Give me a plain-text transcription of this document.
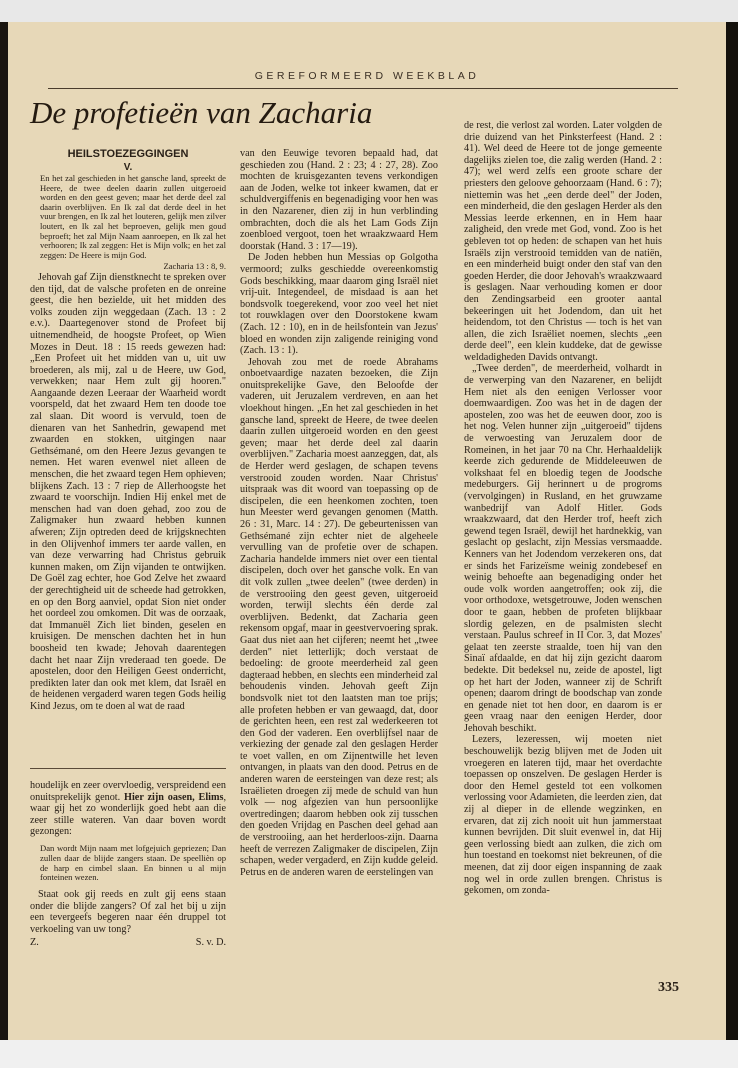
GEREFORMEERD WEEKBLAD
De profetieën van Zacharia
HEILSTOEZEGGINGEN
V.

En het zal geschieden in het gansche land, spreekt de Heere, de twee deelen daarin zullen uitgeroeid worden en den geest geven; maar het derde deel zal daarin overblijven. En Ik zal dat derde deel in het vuur brengen, en Ik zal het louteren, gelijk men zilver loutert, en Ik zal het beproeven, gelijk men goud beproeft; het zal Mijn Naam aanroepen, en Ik zal het verhooren; Ik zal zeggen: Het is Mijn volk; en het zal zeggen: De Heere is mijn God.

Zacharia 13 : 8, 9.

Jehovah gaf Zijn dienstknecht te spreken over den tijd, dat de valsche profeten en de onreine geest, die hen bezielde, uit het midden des volks zouden zijn weggedaan (Zach. 13 : 2 e.v.). Daartegenover stond de Profeet bij uitnemendheid, de hoogste Profeet, op Wien Mozes in Deut. 18 : 15 reeds gewezen had: „Een Profeet uit het midden van u, uit uw broederen, als mij, zal u de Heere, uw God, verwekken; naar Hem zult gij hooren." Aangaande dezen Leeraar der Waarheid wordt voorspeld, dat het zwaard Hem ten doode toe zal slaan. Dit woord is vervuld, toen de dienaren van het Sanhedrin, gewapend met zwaarden en stokken, uitgingen naar Gethsémané, om den Heere Jezus gevangen te nemen. Het waren evenwel niet alleen de menschen, die het zwaard tegen Hem ophieven; blijkens Zach. 13 : 7 riep de Allerhoogste het zwaard te voorschijn. Indien Hij enkel met de menschen had van doen gehad, zoo zou de Zaligmaker hun zwaard hebben kunnen afweren; Zijn optreden deed de krijgsknechten in den Olijvenhof immers ter aarde vallen, en van deze verwarring had Christus gebruik kunnen maken, om Zijn vijanden te ontwijken. De Goël zag echter, hoe God Zelve het zwaard der gerechtigheid uit de scheede had getrokken, en op den Borg aanviel, opdat Sion niet onder het oordeel zou omkomen. Dit was de oorzaak, dat Immanuël Zich liet binden, geselen en kruisigen. De menschen dachten het in hun boosheid ten kwade; Jehovah daarentegen dacht het naar Zijn vrederaad ten goede. De apostelen, door den Heiligen Geest onderricht, predikten later dan ook met klem, dat Israël en de heidenen vergaderd waren tegen Gods heilig Kind Jezus, om te doen al wat de raad

houdelijk en zeer overvloedig, verspreidend een onuitsprekelijk genot. Hier zijn oasen, Elims, waar gij het zo wonderlijk goed hebt aan die zeer stille wateren. Van daar boven wordt gezongen:

Dan wordt Mijn naam met lofgejuich gepriezen; Dan zullen daar de blijde zangers staan. De speellièn op de harp en cimbel slaan. En binnen u al mijn fonteinen wezen.

Staat ook gij reeds en zult gij eens staan onder die blijde zangers? Of zal het bij u zijn een tevergeefs begeren naar één druppel tot verkoeling van uw tong?

Z.	S. v. D.

van den Eeuwige tevoren bepaald had, dat geschieden zou (Hand. 2 : 23; 4 : 27, 28). Zoo mochten de kruisgezanten tevens verkondigen aan de Joden, welke tot inkeer kwamen, dat er schuldvergiffenis en begenadiging voor hen was in den Nazarener, dien zij in hun verblinding ombrachten, doch die als het Lam Gods Zijn zoenbloed vergoot, toen het wraakzwaard Hem doorstak (Hand. 3 : 17—19).

De Joden hebben hun Messias op Golgotha vermoord; zulks geschiedde overeenkomstig Gods beschikking, maar daarom ging Israël niet vrij-uit. Integendeel, de misdaad is aan het bondsvolk toegerekend, voor zoo veel het niet tot rouwklagen over den Doorstokene kwam (Zach. 12 : 10), en in de heilsfontein van Jezus' bloed en wonden zijn zaligende reiniging vond (Zach. 13 : 1).

Jehovah zou met de roede Abrahams onboetvaardige nazaten bezoeken, die Zijn onuitsprekelijke Gave, den Beloofde der vaderen, uit Jeruzalem verdreven, en aan het vloekhout hingen. „En het zal geschieden in het gansche land, spreekt de Heere, de twee deelen daarin zullen uitgeroeid worden en den geest geven; maar het derde deel zal daarin overblijven." Zacharia moest aanzeggen, dat, als de Herder werd geslagen, de schapen tevens verstrooid zouden worden. Naar Christus' uitspraak was dit woord van toepassing op de discipelen, die een heenkomen zochten, toen hun Meester werd gevangen genomen (Matth. 26 : 31, Marc. 14 : 27). De gebeurtenissen van Gethsémané zijn echter niet de algeheele vervulling van de profetie over de schapen. Zacharia handelde immers niet over een tiental discipelen, doch over het gansche volk. En van dit volk zullen „twee deelen" (twee derden) in de verstrooiing den geest geven, uitgeroeid worden, terwijl slechts één derde zal overblijven. Bedenkt, dat Zacharia geen rekensom opgaf, maar in geestvervoering sprak. Gaat dus niet aan het cijferen; neemt het „twee derden" niet letterlijk; doch verstaat de bedoeling: de groote meerderheid zal geen dagteraad hebben, en slechts een minderheid zal behoudenis vinden. Jehovah geeft Zijn bondsvolk niet tot den laatsten man toe prijs; alle profeten hebben er van gewaagd, dat, door de gerichten heen, een rest zal wederkeeren tot den God der vaderen. Een overblijfsel naar de verkiezing der genade zal den geslagen Herder te voet vallen, en om Zijnentwille het leven ontvangen, in plaats van den dood. Petrus en de anderen waren de eersteingen van deze rest; als Israëlieten droegen zij mede de schuld van hun volk — nog afgezien van hun persoonlijke overtredingen; daarom hebben ook zij tusschen den goeden Vrijdag en Paschen deel gehad aan de verstrooiing, aan het herderloos-zijn. Daarna heeft de verrezen Zaligmaker de discipelen, Zijn schapen, weder vergaderd, en Zijn kudde geleid. Petrus en de anderen waren de eerstelingen van

de rest, die verlost zal worden. Later volgden de drie duizend van het Pinksterfeest (Hand. 2 : 41). Wel deed de Heere tot de jonge gemeente dagelijks zielen toe, die zalig werden (Hand. 2 : 47); wel werd zelfs een groote schare der priesters den geloove gehoorzaam (Hand. 6 : 7); niettemin was het „een derde deel" der Joden, een minderheid, die den geslagen Herder als den Messias leerde erkennen, en in Hem haar zaligheid, den vrede met God, vond. Zoo is het gebleven tot op heden: de schapen van het huis Israëls zijn verstrooid temidden van de natiën, en een minderheid buigt onder den staf van den goeden Herder, die door Jehovah's wraakzwaard is geslagen. Naar verhouding komen er door den Zendingsarbeid een grooter aantal bekeeringen uit het Jodendom, dan uit het heidendom, tot den Christus — toch is het van allen, die zich Israëliet noemen, slechts „een derde deel", een klein kuddeke, dat de gewisse weldadigheden Davids ontvangt.

„Twee derden", de meerderheid, volhardt in de verwerping van den Nazarener, en belijdt Hem niet als den eenigen Verlosser voor doemwaardigen. Zoo was het in de dagen der apostelen, zoo was het de eeuwen door, zoo is het nog. Velen hunner zijn „uitgeroeid" tijdens de verwoesting van Jeruzalem door de Romeinen, in het jaar 70 na Chr. Herhaaldelijk keerde zich gedurende de Middeleeuwen de volkshaat fel en bloedig tegen de Joodsche medeburgers. Gij herinnert u de progroms (vervolgingen) in Rusland, en het gruwzame wanbedrijf van Adolf Hitler. Gods wraakzwaard, dat den Herder trof, heeft zich gewend tegen Israël, dewijl het hardnekkig, van geslacht op geslacht, zijn Messias versmaadde. Kenners van het Jodendom verzekeren ons, dat er sinds het Farizeïsme weinig zondebesef en weinig behoefte aan begenadiging onder het oude volk worden aangetroffen; ook zij, die voor orthodoxe, wetsgetrouwe, Joden wenschen door te gaan, hebben de profeten blijkbaar slordig gelezen, en de psalmisten slecht verstaan. Paulus schreef in II Cor. 3, dat Mozes' gelaat ten zeerste straalde, toen hij van den Sinaï afdaalde, en dat hij zijn gezicht daarom bedekte. Dit bedeksel nu, zeide de apostel, ligt op het hart der Joden, wanneer zij de Schrift openen; daarom dringt de boodschap van zonde en genade niet tot hen door, en daarom is er geen vraag naar den eenigen Herder, door Jehovah beschikt.

Lezers, lezeressen, wij moeten niet beschouwelijk bezig blijven met de Joden uit vroegeren en lateren tijd, maar het overdachte toepassen op onszelven. De geslagen Herder is door den Hemel gesteld tot een volkomen verlossing voor Adamieten, die leerden zien, dat zij al dieper in de ellende wegzinken, en ervaren, dat zij zich nooit uit hun jammerstaat kunnen bevrijden. Dit sluit evenwel in, dat Hij geen verlossing biedt aan zulken, die zich om hun toestand en toekomst niet bekreunen, of die meenen, dat zij door eigen inspanning de zaak nog wel in orde zullen brengen. Christus is gekomen, om zonda-

335
